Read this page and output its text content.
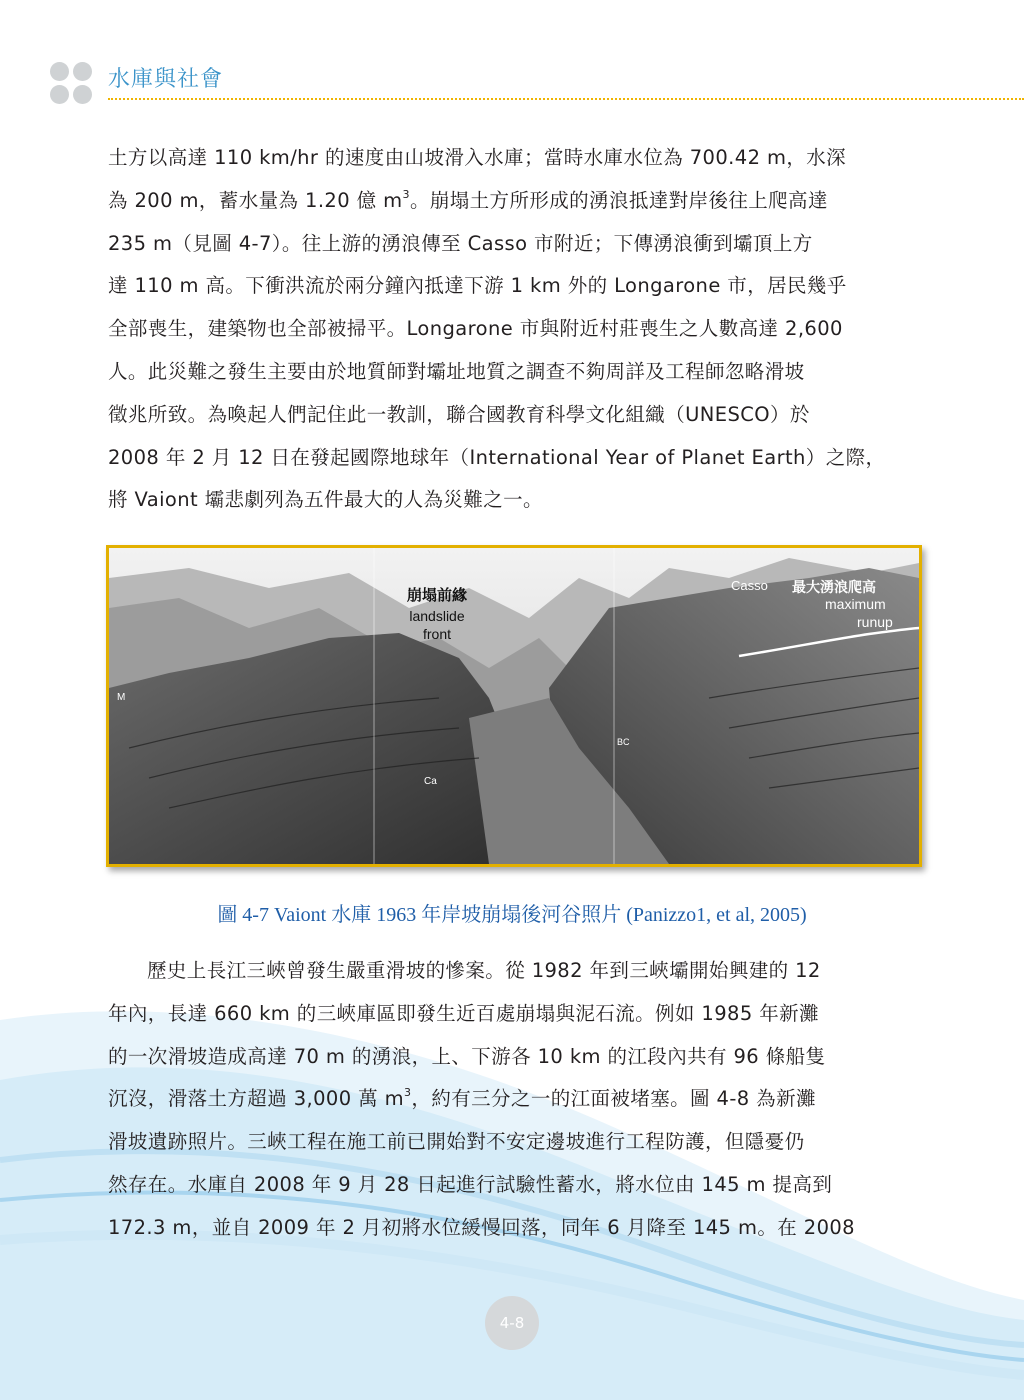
水庫與社會
土方以高達 110 km/hr 的速度由山坡滑入水庫；當時水庫水位為 700.42 m，水深
為 200 m，蓄水量為 1.20 億 $m^3$。崩塌土方所形成的湧浪抵達對岸後往上爬高達
235 m（見圖 4-7）。往上游的湧浪傳至 Casso 市附近；下傳湧浪衝到壩頂上方
達 110 m 高。下衝洪流於兩分鐘內抵達下游 1 km 外的 Longarone 市，居民幾乎
全部喪生，建築物也全部被掃平。Longarone 市與附近村莊喪生之人數高達 2,600
人。此災難之發生主要由於地質師對壩址地質之調查不夠周詳及工程師忽略滑坡
徵兆所致。為喚起人們記住此一教訓，聯合國教育科學文化組織（UNESCO）於
2008 年 2 月 12 日在發起國際地球年（International Year of Planet Earth）之際，
將 Vaiont 壩悲劇列為五件最大的人為災難之一。
崩塌前緣
landslide
front
Casso 最大湧浪爬高
maximum
runup
M
Ca
BC
圖 4-7 Vaiont 水庫 1963 年岸坡崩塌後河谷照片 (Panizzo1, et al, 2005)
歷史上長江三峽曾發生嚴重滑坡的慘案。從 1982 年到三峽壩開始興建的 12
年內，長達 660 km 的三峽庫區即發生近百處崩塌與泥石流。例如 1985 年新灘
的一次滑坡造成高達 70 m 的湧浪，上、下游各 10 km 的江段內共有 96 條船隻
沉沒，滑落土方超過 3,000 萬 $m^3$，約有三分之一的江面被堵塞。圖 4-8 為新灘
滑坡遺跡照片。三峽工程在施工前已開始對不安定邊坡進行工程防護，但隱憂仍
然存在。水庫自 2008 年 9 月 28 日起進行試驗性蓄水，將水位由 145 m 提高到
172.3 m，並自 2009 年 2 月初將水位緩慢回落，同年 6 月降至 145 m。在 2008
4-8
